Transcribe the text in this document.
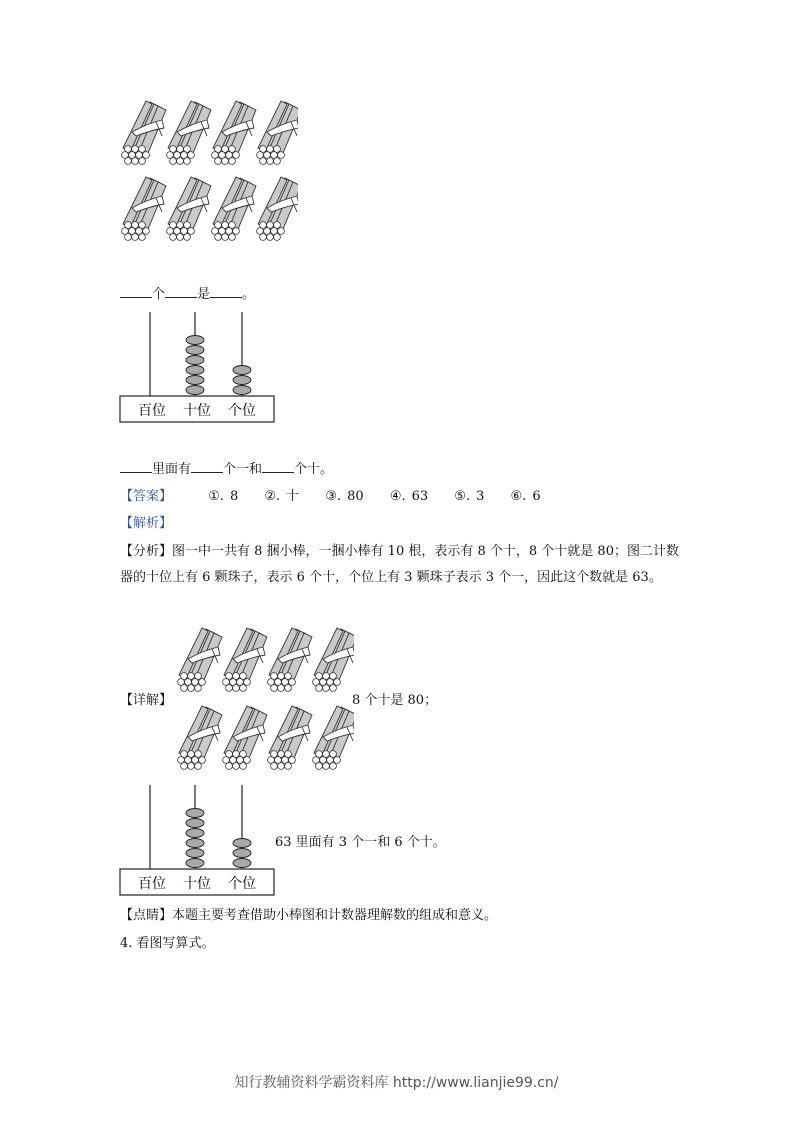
个 是 。
百位 十位 个位
里面有 个一和 个十。
【答案】	①. 8 ②. 十 ③. 80 ④. 63 ⑤. 3 ⑥. 6
【解析】
【分析】图一中一共有 8 捆小棒，一捆小棒有 10 根，表示有 8 个十，8 个十就是 80；图二计数器的十位上有 6 颗珠子，表示 6 个十，个位上有 3 颗珠子表示 3 个一，因此这个数就是 63。
【详解】	8 个十是 80；
百位 十位 个位
63 里面有 3 个一和 6 个十。
【点睛】本题主要考查借助小棒图和计数器理解数的组成和意义。
4. 看图写算式。
知行教辅资料学霸资料库 http://www.lianjie99.cn/
